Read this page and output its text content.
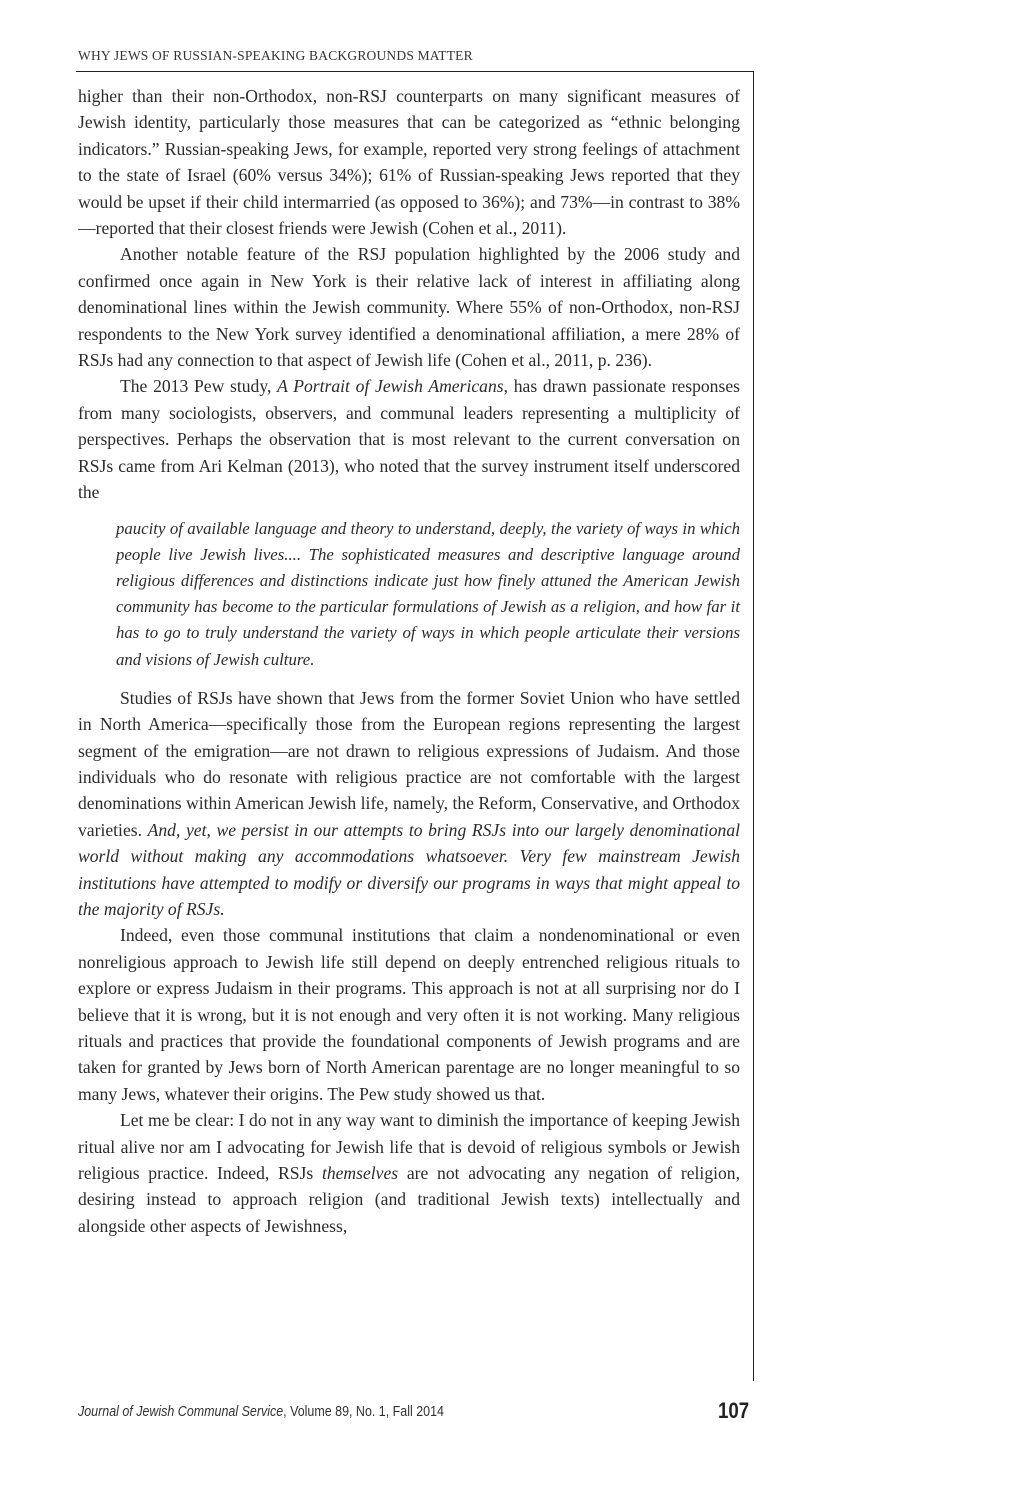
WHY JEWS OF RUSSIAN-SPEAKING BACKGROUNDS MATTER

higher than their non-Orthodox, non-RSJ counterparts on many significant measures of Jewish identity, particularly those measures that can be categorized as “ethnic belonging indicators.” Russian-speaking Jews, for example, reported very strong feelings of attachment to the state of Israel (60% versus 34%); 61% of Russian-speaking Jews reported that they would be upset if their child intermarried (as opposed to 36%); and 73%—in contrast to 38%—reported that their closest friends were Jewish (Cohen et al., 2011).

Another notable feature of the RSJ population highlighted by the 2006 study and confirmed once again in New York is their relative lack of interest in affiliating along denominational lines within the Jewish community. Where 55% of non-Orthodox, non-RSJ respondents to the New York survey identified a denominational affiliation, a mere 28% of RSJs had any connection to that aspect of Jewish life (Cohen et al., 2011, p. 236).

The 2013 Pew study, A Portrait of Jewish Americans, has drawn passionate responses from many sociologists, observers, and communal leaders representing a multiplicity of perspectives. Perhaps the observation that is most relevant to the current conversation on RSJs came from Ari Kelman (2013), who noted that the survey instrument itself underscored the

paucity of available language and theory to understand, deeply, the variety of ways in which people live Jewish lives.... The sophisticated measures and descriptive language around religious differences and distinctions indicate just how finely attuned the American Jewish community has become to the particular formulations of Jewish as a religion, and how far it has to go to truly understand the variety of ways in which people articulate their versions and visions of Jewish culture.

Studies of RSJs have shown that Jews from the former Soviet Union who have settled in North America—specifically those from the European regions representing the largest segment of the emigration—are not drawn to religious expressions of Judaism. And those individuals who do resonate with religious practice are not comfortable with the largest denominations within American Jewish life, namely, the Reform, Conservative, and Orthodox varieties. And, yet, we persist in our attempts to bring RSJs into our largely denominational world without making any accommodations whatsoever. Very few mainstream Jewish institutions have attempted to modify or diversify our programs in ways that might appeal to the majority of RSJs.

Indeed, even those communal institutions that claim a nondenominational or even nonreligious approach to Jewish life still depend on deeply entrenched religious rituals to explore or express Judaism in their programs. This approach is not at all surprising nor do I believe that it is wrong, but it is not enough and very often it is not working. Many religious rituals and practices that provide the foundational components of Jewish programs and are taken for granted by Jews born of North American parentage are no longer meaningful to so many Jews, whatever their origins. The Pew study showed us that.

Let me be clear: I do not in any way want to diminish the importance of keeping Jewish ritual alive nor am I advocating for Jewish life that is devoid of religious symbols or Jewish religious practice. Indeed, RSJs themselves are not advocating any negation of religion, desiring instead to approach religion (and traditional Jewish texts) intellectually and alongside other aspects of Jewishness,

Journal of Jewish Communal Service, Volume 89, No. 1, Fall 2014	107
